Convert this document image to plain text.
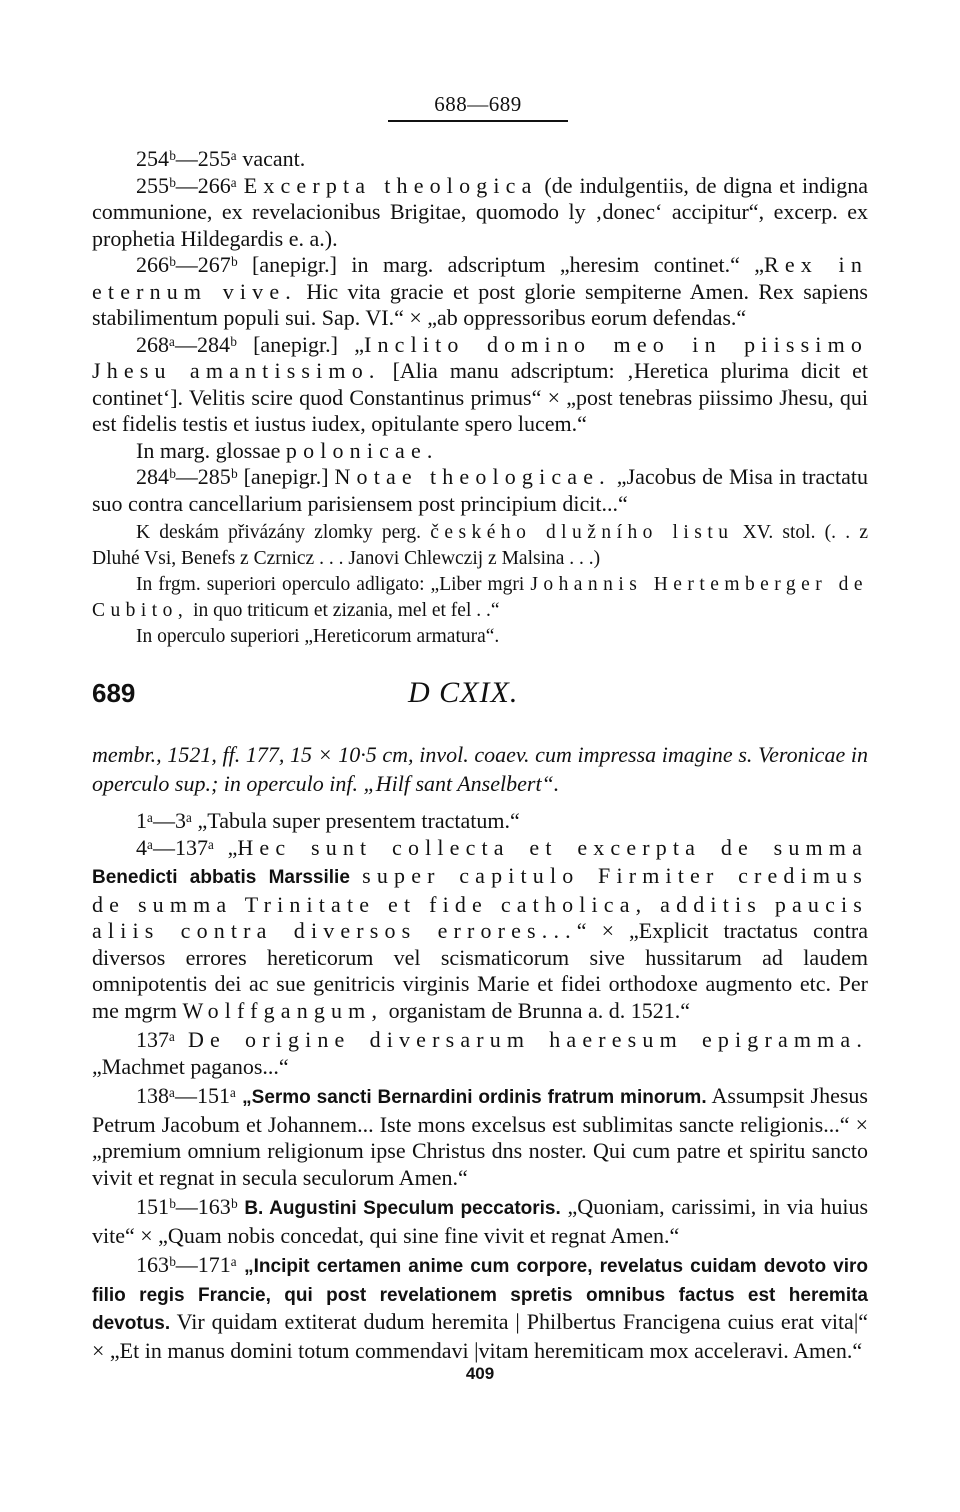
688—689

254ᵇ—255ᵃ vacant.

255ᵇ—266ᵃ Excerpta theologica (de indulgentiis, de digna et indigna communione, ex revelacionibus Brigitae, quomodo ly ‚donec‘ accipitur“, excerp. ex prophetia Hildegardis e. a.).

266ᵇ—267ᵇ [anepigr.] in marg. adscriptum „heresim continet.“ „Rex in eternum vive. Hic vita gracie et post glorie sempiterne Amen. Rex sapiens stabilimentum populi sui. Sap. VI.“ × „ab oppressoribus eorum defendas.“

268ᵃ—284ᵇ [anepigr.] „Inclito domino meo in piissimo Jhesu amantissimo. [Alia manu adscriptum: ‚Heretica plurima dicit et continet‘]. Velitis scire quod Constantinus primus“ × „post tenebras piissimo Jhesu, qui est fidelis testis et iustus iudex, opitulante spero lucem.“

In marg. glossae polonicae.

284ᵇ—285ᵇ [anepigr.] Notae theologicae. „Jacobus de Misa in tractatu suo contra cancellarium parisiensem post principium dicit...“

K deskám přivázány zlomky perg. českého dlužního listu XV. stol. (. . z Dluhé Vsi, Benefs z Czrnicz . . . Janovi Chlewczij z Malsina . . .)

In frgm. superiori operculo adligato: „Liber mgri Johannis Hertemberger de Cubito, in quo triticum et zizania, mel et fel . .“

In operculo superiori „Hereticorum armatura“.

689	D CXIX.

membr., 1521, ff. 177, 15 × 10·5 cm, invol. coaev. cum impressa imagine s. Veronicae in operculo sup.; in operculo inf. „Hilf sant Anselbert“.

1ᵃ—3ᵃ „Tabula super presentem tractatum.“

4ᵃ—137ᵃ „Hec sunt collecta et excerpta de summa Benedicti abbatis Marssilie super capitulo Firmiter credimus de summa Trinitate et fide catholica, additis paucis aliis contra diversos errores...“ × „Explicit tractatus contra diversos errores hereticorum vel scismaticorum sive hussitarum ad laudem omnipotentis dei ac sue genitricis virginis Marie et fidei orthodoxe augmento etc. Per me mgrm Wolffgangum, organistam de Brunna a. d. 1521.“

137ᵃ De origine diversarum haeresum epigramma. „Machmet paganos...“

138ᵃ—151ᵃ „Sermo sancti Bernardini ordinis fratrum minorum. Assumpsit Jhesus Petrum Jacobum et Johannem... Iste mons excelsus est sublimitas sancte religionis...“ × „premium omnium religionum ipse Christus dns noster. Qui cum patre et spiritu sancto vivit et regnat in secula seculorum Amen.“

151ᵇ—163ᵇ B. Augustini Speculum peccatoris. „Quoniam, carissimi, in via huius vite“ × „Quam nobis concedat, qui sine fine vivit et regnat Amen.“

163ᵇ—171ᵃ „Incipit certamen anime cum corpore, revelatus cuidam devoto viro filio regis Francie, qui post revelationem spretis omnibus factus est heremita devotus. Vir quidam extiterat dudum heremita | Philbertus Francigena cuius erat vita|“ × „Et in manus domini totum commendavi |vitam heremiticam mox acceleravi. Amen.“

409
